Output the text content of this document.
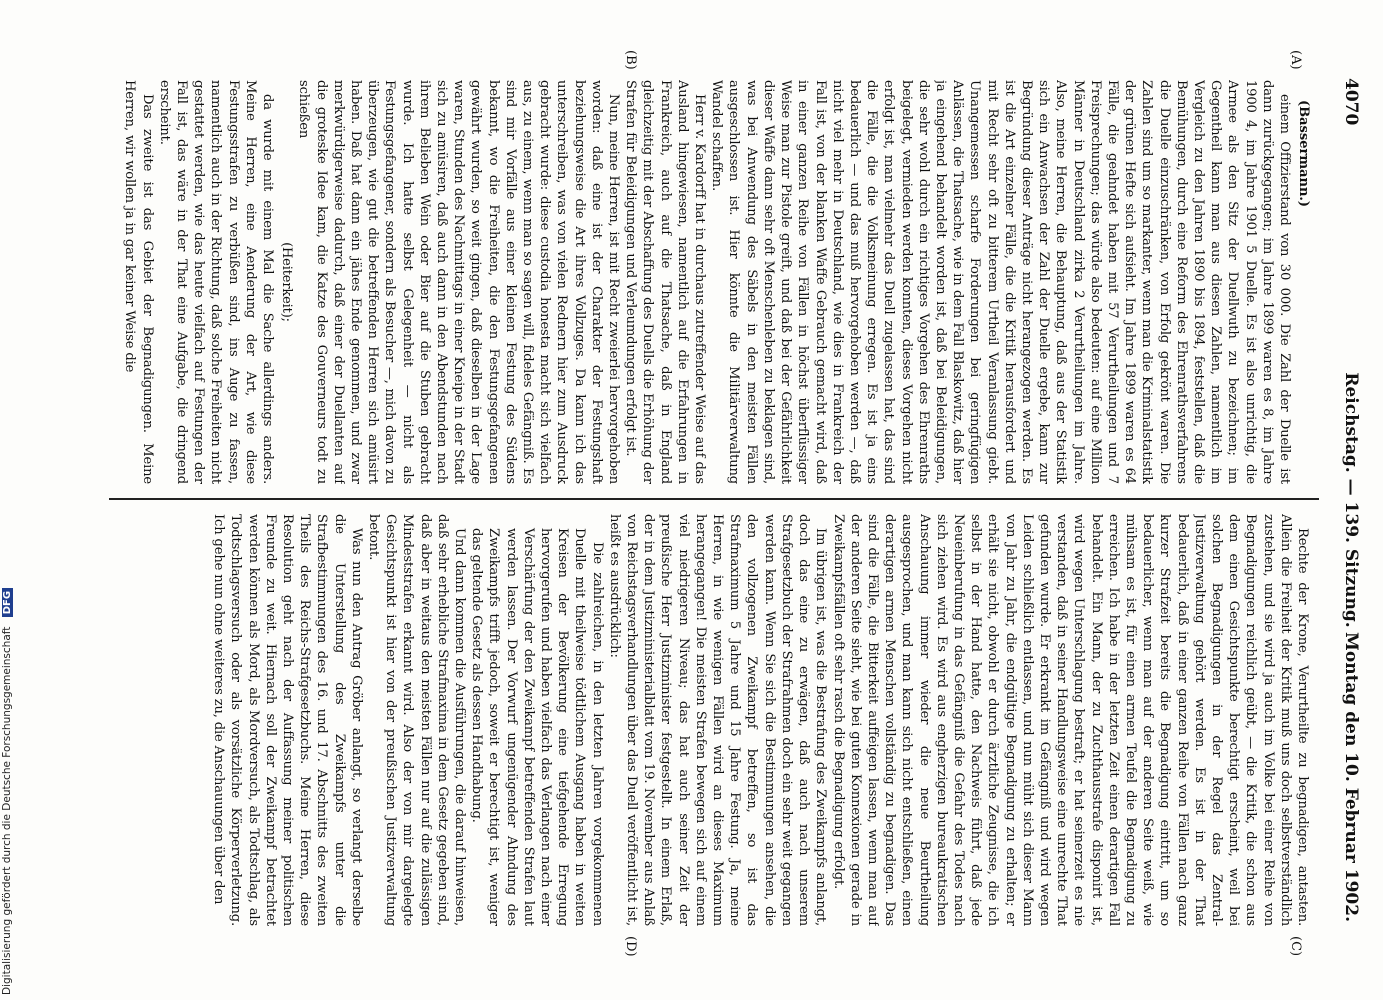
4070
Reichstag. — 139. Sitzung.
Montag den 10. Februar 1902.
(A)
(B)
(C)
(D)

(Bassermann.)

einem Offizierstand von 30 000. Die Zahl der Duelle ist dann zurückgegangen; im Jahre 1899 waren es 8, im Jahre 1900 4, im Jahre 1901 5 Duelle. Es ist also unrichtig, die Armee als den Sitz der Duellwuth zu bezeichnen; im Gegentheil kann man aus diesen Zahlen, namentlich im Vergleich zu den Jahren 1890 bis 1894, feststellen, daß die Bemühungen, durch eine Reform des Ehrenrathsverfahrens die Duelle einzuschränken, von Erfolg gekrönt waren. Die Zahlen sind um so markanter, wenn man die Kriminalstatistik der grünen Hefte sich aufsieht. Im Jahre 1899 waren es 64 Fälle, die geahndet haben mit 57 Verurtheilungen und 7 Freisprechungen; das würde also bedeuten: auf eine Million Männer in Deutschland zirka 2 Verurtheilungen im Jahre. Also, meine Herren, die Behauptung, daß aus der Statistik sich ein Anwachsen der Zahl der Duelle ergebe, kann zur Begründung dieser Anträge nicht herangezogen werden. Es ist die Art einzelner Fälle, die die Kritik herausfordert und mit Recht sehr oft zu bitterem Urtheil Veranlassung giebt. Unangemessen scharfe Forderungen bei geringfügigen Anlässen, die Thatsache, wie in dem Fall Blaskowitz, daß hier ja eingehend behandelt worden ist, daß bei Beleidigungen, die sehr wohl durch ein richtiges Vorgehen des Ehrenraths beigelegt, vermieden werden konnten, dieses Vorgehen nicht erfolgt ist, man vielmehr das Duell zugelassen hat, das sind die Fälle, die die Volksmeinung erregen. Es ist ja eins bedauerlich — und das muß hervorgehoben werden —, daß nicht viel mehr in Deutschland, wie dies in Frankreich der Fall ist, von der blanken Waffe Gebrauch gemacht wird, daß in einer ganzen Reihe von Fällen in höchst überflüssiger Weise man zur Pistole greift, und daß bei der Gefährlichkeit dieser Waffe dann sehr oft Menschenleben zu beklagen sind, was bei Anwendung des Säbels in den meisten Fällen ausgeschlossen ist. Hier könnte die Militärverwaltung Wandel schaffen.

Herr v. Kardorff hat in durchaus zutreffender Weise auf das Ausland hingewiesen, namentlich auf die Erfahrungen in Frankreich, auch auf die Thatsache, daß in England gleichzeitig mit der Abschaffung des Duells die Erhöhung der Strafen für Beleidigungen und Verleumdungen erfolgt ist.

Nun, meine Herren, ist mit Recht zweierlei hervorgehoben worden: daß eine ist der Charakter der Festungshaft beziehungsweise die Art ihres Vollzuges. Da kann ich das unterschreiben, was von vielen Rednern hier zum Ausdruck gebracht wurde: diese custodia honesta macht sich vielfach aus, zu einem, wenn man so sagen will, fideles Gefängniß. Es sind mir Vorfälle aus einer kleinen Festung des Südens bekannt, wo die Freiheiten, die den Festungsgefangenen gewährt wurden, so weit gingen, daß dieselben in der Lage waren, Stunden des Nachmittags in einer Kneipe in der Stadt sich zu amüsiren, daß auch dann in den Abendstunden nach ihrem Belieben Wein oder Bier auf die Stuben gebracht wurde. Ich hatte selbst Gelegenheit — nicht als Festungsgefangener, sondern als Besucher —, mich davon zu überzeugen, wie gut die betreffenden Herren sich amüsirt haben. Daß hat dann ein jähes Ende genommen, und zwar merkwürdigerweise dadurch, daß einer der Duellanten auf die groteske Idee kam, die Katze des Gouverneurs todt zu schießen

(Heiterkeit);

da wurde mit einem Mal die Sache allerdings anders. Meine Herren, eine Aenderung der Art, wie diese Festungsstrafen zu verbüßen sind, ins Auge zu fassen, namentlich auch in der Richtung, daß solche Freiheiten nicht gestattet werden, wie das heute vielfach auf Festungen der Fall ist, das wäre in der That eine Aufgabe, die dringend erscheint.

Das zweite ist das Gebiet der Begnadigungen. Meine Herren, wir wollen ja in gar keiner Weise die

Rechte der Krone, Verurtheilte zu begnadigen, antasten. Allein die Freiheit der Kritik muß uns doch selbstverständlich zustehen, und sie wird ja auch im Volke bei einer Reihe von Begnadigungen reichlich geübt, — die Kritik, die schon aus dem einen Gesichtspunkte berechtigt erscheint, weil bei solchen Begnadigungen in der Regel das Zentral-Justizverwaltung gehört werden. Es ist in der That bedauerlich, daß in einer ganzen Reihe von Fällen nach ganz kurzer Strafzeit bereits die Begnadigung eintritt, um so bedauerlicher, wenn man auf der anderen Seite weiß, wie mühsam es ist, für einen armen Teufel die Begnadigung zu erreichen. Ich habe in der letzten Zeit einen derartigen Fall behandelt. Ein Mann, der zu Zuchthausstrafe disponirt ist, wird wegen Unterschlagung bestraft; er hat seinerzeit es nie verstanden, daß in seiner Handlungsweise eine unrechte That gefunden wurde. Er erkrankt im Gefängniß und wird wegen Leiden schließlich entlassen, und nun müht sich dieser Mann von Jahr zu Jahr, die endgültige Begnadigung zu erhalten; er erhält sie nicht, obwohl er durch ärztliche Zeugnisse, die ich selbst in der Hand hatte, den Nachweis führt, daß jede Neueinberufung in das Gefängniß die Gefahr des Todes nach sich ziehen wird. Es wird aus engherzigen bureaukratischen Anschauung immer wieder die neue Beurtheilung ausgesprochen, und man kann sich nicht entschließen, einen derartigen armen Menschen vollständig zu begnadigen. Das sind die Fälle, die Bitterkeit auffeigen lassen, wenn man auf der anderen Seite sieht, wie bei guten Konnexionen gerade in Zweikampfsfällen oft sehr rasch die Begnadigung erfolgt.

Im übrigen ist, was die Bestrafung des Zweikampfs anlangt, doch das eine zu erwägen, daß auch nach unserem Strafgesetzbuch der Strafrahmen doch ein sehr weit gegangen werden kann. Wenn Sie sich die Bestimmungen ansehen, die den vollzogenen Zweikampf betreffen, so ist das Strafmaximum 5 Jahre und 15 Jahre Festung. Ja, meine Herren, in wie wenigen Fällen wird an dieses Maximum herangegangen! Die meisten Strafen bewegen sich auf einem viel niedrigeren Niveau; das hat auch seiner Zeit der preußische Herr Justizminister festgestellt. In einem Erlaß, der in dem Justizministerialblatt vom 19. November aus Anlaß von Reichstagsverhandlungen über das Duell veröffentlicht ist, heißt es ausdrücklich:

Die zahlreichen, in den letzten Jahren vorgekommenen Duelle mit theilweise tödtlichem Ausgang haben in weiten Kreisen der Bevölkerung eine tiefgehende Erregung hervorgerufen und haben vielfach das Verlangen nach einer Verschärfung der den Zweikampf betreffenden Strafen laut werden lassen. Der Vorwurf ungenügender Ahndung des Zweikampfs trifft jedoch, soweit er berechtigt ist, weniger das geltende Gesetz als dessen Handhabung.

Und dann kommen die Ausführungen, die darauf hinweisen, daß sehr erhebliche Strafmaxima in dem Gesetz gegeben sind, daß aber in weitaus den meisten Fällen nur auf die zulässigen Mindeststrafen erkannt wird. Also der von mir dargelegte Gesichtspunkt ist hier von der preußischen Justizverwaltung betont.

Was nun den Antrag Gröber anlangt, so verlangt derselbe die Unterstellung des Zweikampfs unter die Strafbestimmungen des 16. und 17. Abschnitts des zweiten Theils des Reichs-Strafgesetzbuchs. Meine Herren, diese Resolution geht nach der Auffassung meiner politischen Freunde zu weit. Hiernach soll der Zweikampf betrachtet werden können als Mord, als Mordversuch, als Todtschlag, als Todtschlagsversuch oder als vorsätzliche Körperverletzung. Ich gehe nun ohne weiteres zu, die Anschauungen über den

Digitalisierung gefördert durch die Deutsche Forschungsgemeinschaft DFG
